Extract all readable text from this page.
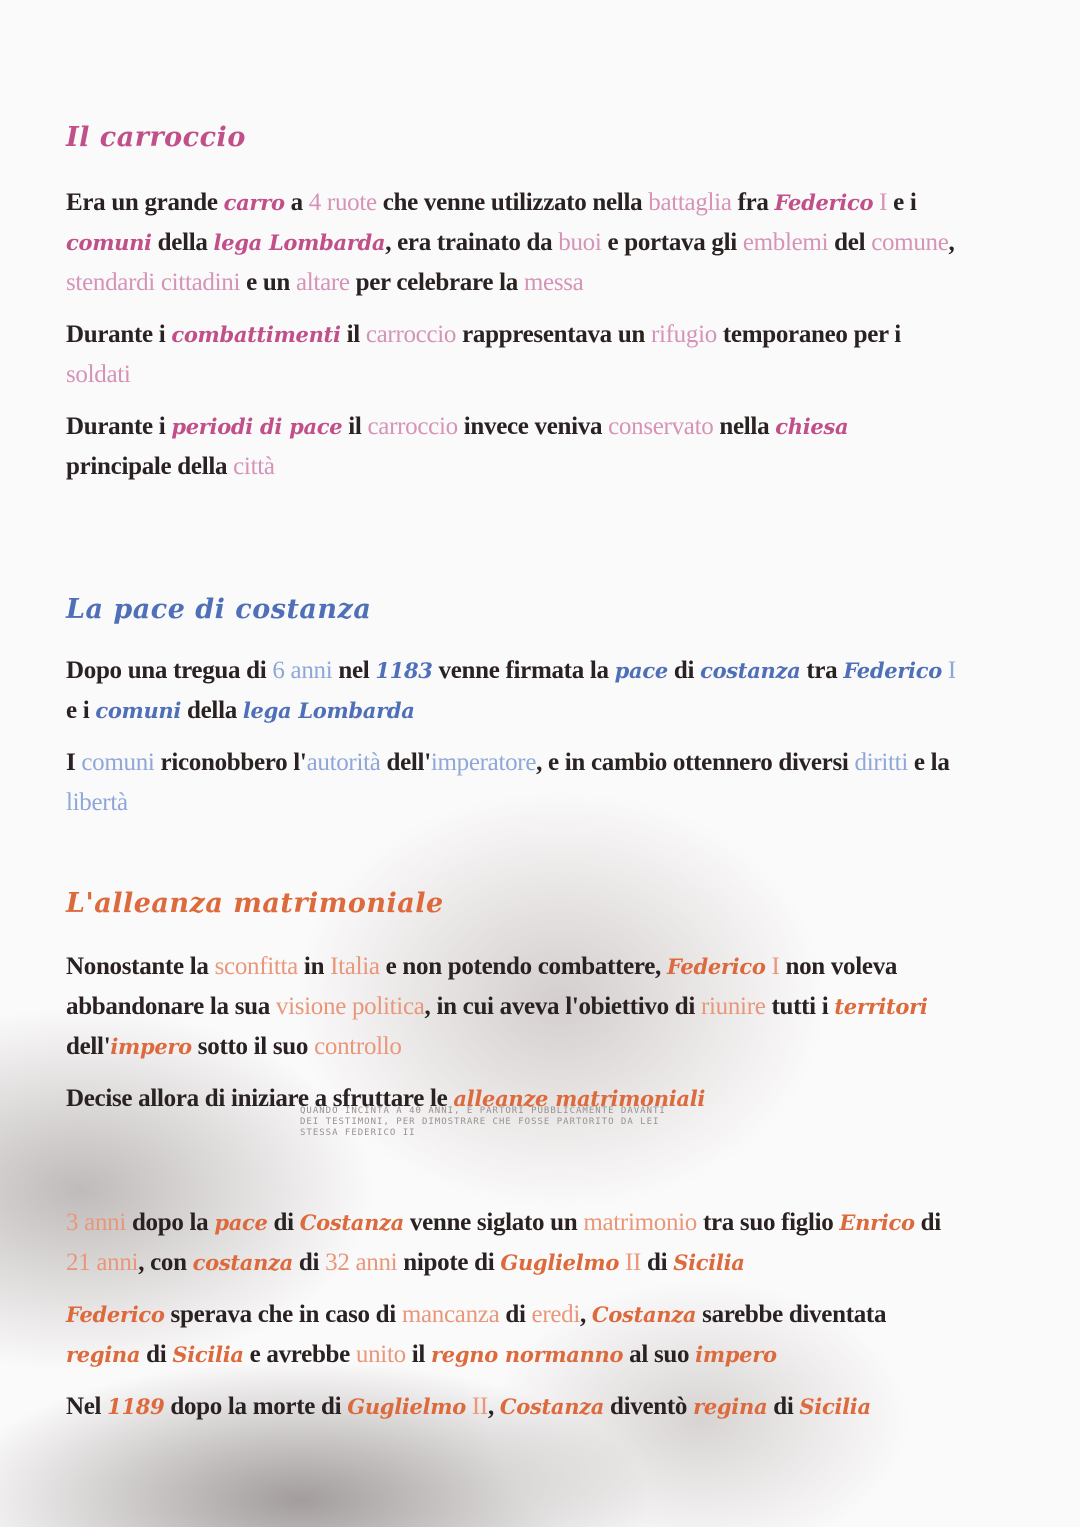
Il carroccio

Era un grande carro a 4 ruote che venne utilizzato nella battaglia fra Federico I e i comuni della lega Lombarda, era trainato da buoi e portava gli emblemi del comune, stendardi cittadini e un altare per celebrare la messa

Durante i combattimenti il carroccio rappresentava un rifugio temporaneo per i soldati

Durante i periodi di pace il carroccio invece veniva conservato nella chiesa principale della città

La pace di costanza

Dopo una tregua di 6 anni nel 1183 venne firmata la pace di costanza tra Federico I e i comuni della lega Lombarda

I comuni riconobbero l'autorità dell'imperatore, e in cambio ottennero diversi diritti e la libertà

L'alleanza matrimoniale

Nonostante la sconfitta in Italia e non potendo combattere, Federico I non voleva abbandonare la sua visione politica, in cui aveva l'obiettivo di riunire tutti i territori dell'impero sotto il suo controllo

Decise allora di iniziare a sfruttare le alleanze matrimoniali

3 anni dopo la pace di Costanza venne siglato un matrimonio tra suo figlio Enrico di 21 anni, con costanza di 32 anni nipote di Guglielmo II di Sicilia

Federico sperava che in caso di mancanza di eredi, Costanza sarebbe diventata regina di Sicilia e avrebbe unito il regno normanno al suo impero

Nel 1189 dopo la morte di Guglielmo II, Costanza diventò regina di Sicilia

QUANDO INCINTA A 40 ANNI, E PARTORÌ PUBBLICAMENTE DAVANTI DEI TESTIMONI, PER DIMOSTRARE CHE FOSSE PARTORITO DA LEI STESSA FEDERICO II
